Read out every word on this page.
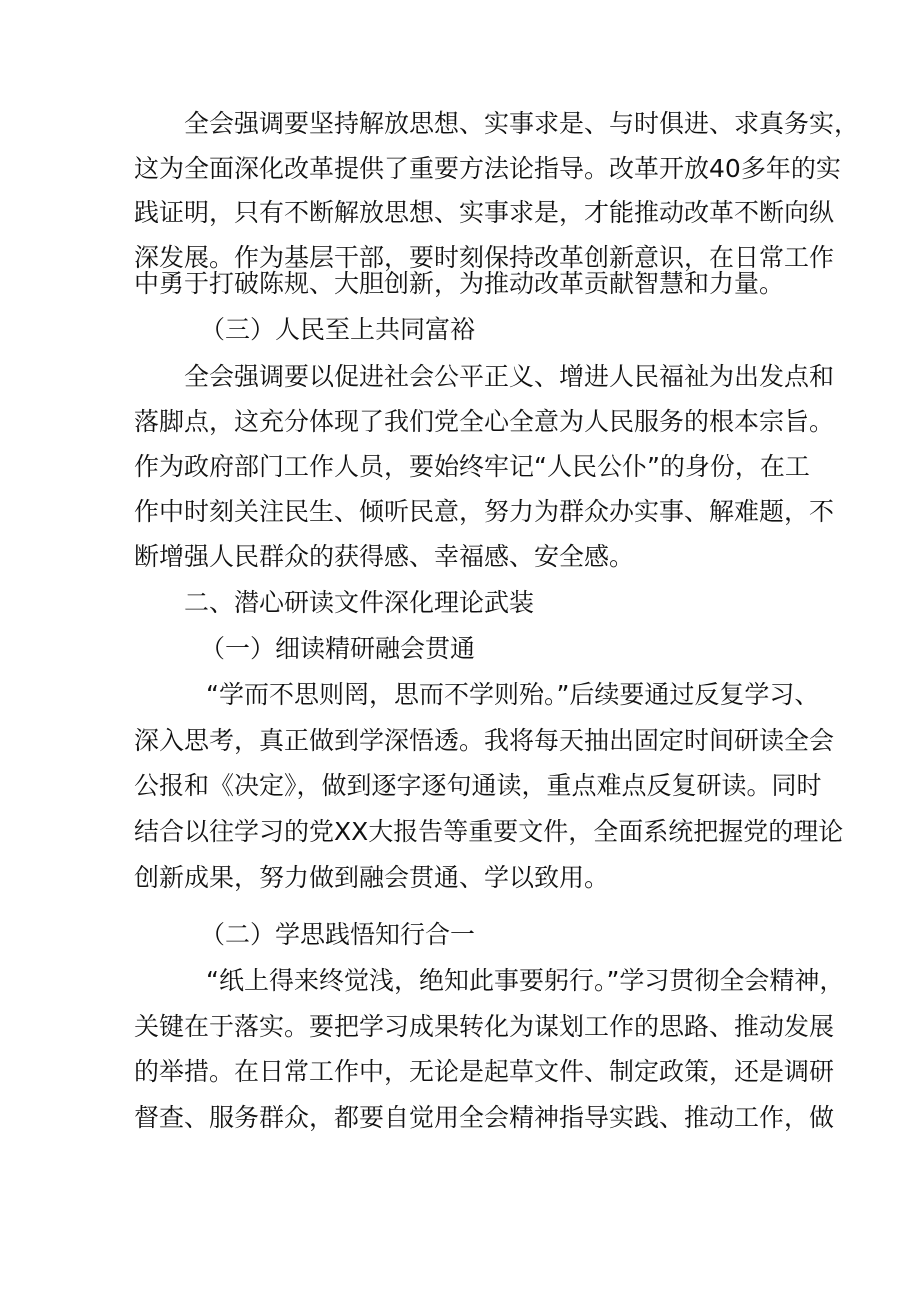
全会强调要坚持解放思想、实事求是、与时俱进、求真务实，
这为全面深化改革提供了重要方法论指导。改革开放40多年的实
践证明，只有不断解放思想、实事求是，才能推动改革不断向纵
深发展。作为基层干部，要时刻保持改革创新意识，在日常工作
中勇于打破陈规、大胆创新，为推动改革贡献智慧和力量。
（三）人民至上共同富裕
全会强调要以促进社会公平正义、增进人民福祉为出发点和
落脚点，这充分体现了我们党全心全意为人民服务的根本宗旨。
作为政府部门工作人员，要始终牢记“人民公仆”的身份，在工
作中时刻关注民生、倾听民意，努力为群众办实事、解难题，不
断增强人民群众的获得感、幸福感、安全感。
二、潜心研读文件深化理论武装
（一）细读精研融会贯通
“学而不思则罔，思而不学则殆。”后续要通过反复学习、
深入思考，真正做到学深悟透。我将每天抽出固定时间研读全会
公报和《决定》，做到逐字逐句通读，重点难点反复研读。同时
结合以往学习的党XX大报告等重要文件，全面系统把握党的理论
创新成果，努力做到融会贯通、学以致用。
（二）学思践悟知行合一
“纸上得来终觉浅，绝知此事要躬行。”学习贯彻全会精神，
关键在于落实。要把学习成果转化为谋划工作的思路、推动发展
的举措。在日常工作中，无论是起草文件、制定政策，还是调研
督查、服务群众，都要自觉用全会精神指导实践、推动工作，做
